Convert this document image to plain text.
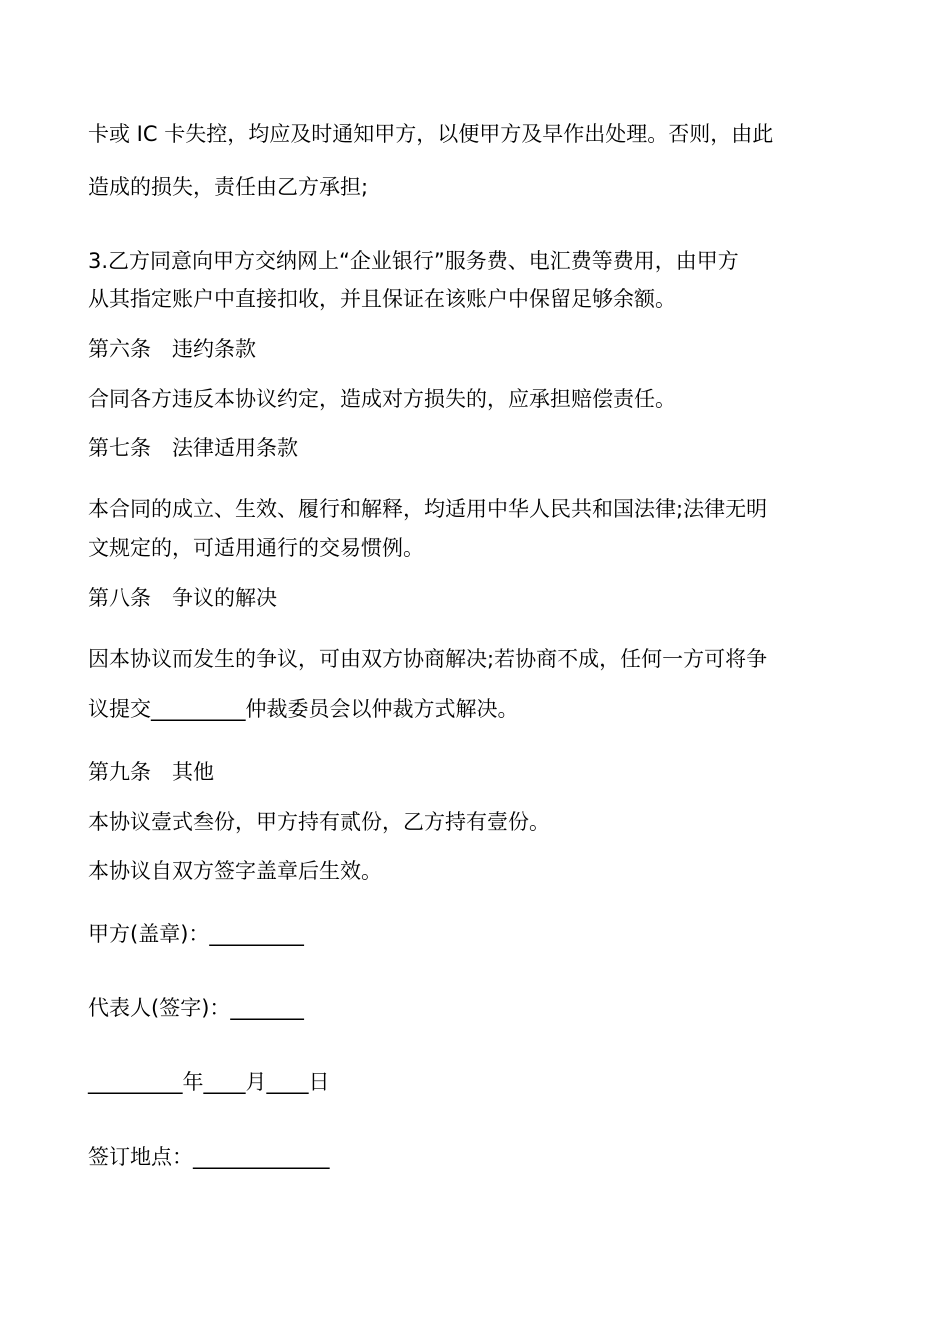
卡或 IC 卡失控，均应及时通知甲方，以便甲方及早作出处理。否则，由此
造成的损失，责任由乙方承担;
3.乙方同意向甲方交纳网上“企业银行”服务费、电汇费等费用，由甲方
从其指定账户中直接扣收，并且保证在该账户中保留足够余额。
第六条　违约条款
合同各方违反本协议约定，造成对方损失的，应承担赔偿责任。
第七条　法律适用条款
本合同的成立、生效、履行和解释，均适用中华人民共和国法律;法律无明
文规定的，可适用通行的交易惯例。
第八条　争议的解决
因本协议而发生的争议，可由双方协商解决;若协商不成，任何一方可将争
议提交_________仲裁委员会以仲裁方式解决。
第九条　其他
本协议壹式叁份，甲方持有贰份，乙方持有壹份。
本协议自双方签字盖章后生效。
甲方(盖章)：_________
代表人(签字)：_______
_________年____月____日
签订地点：_____________
